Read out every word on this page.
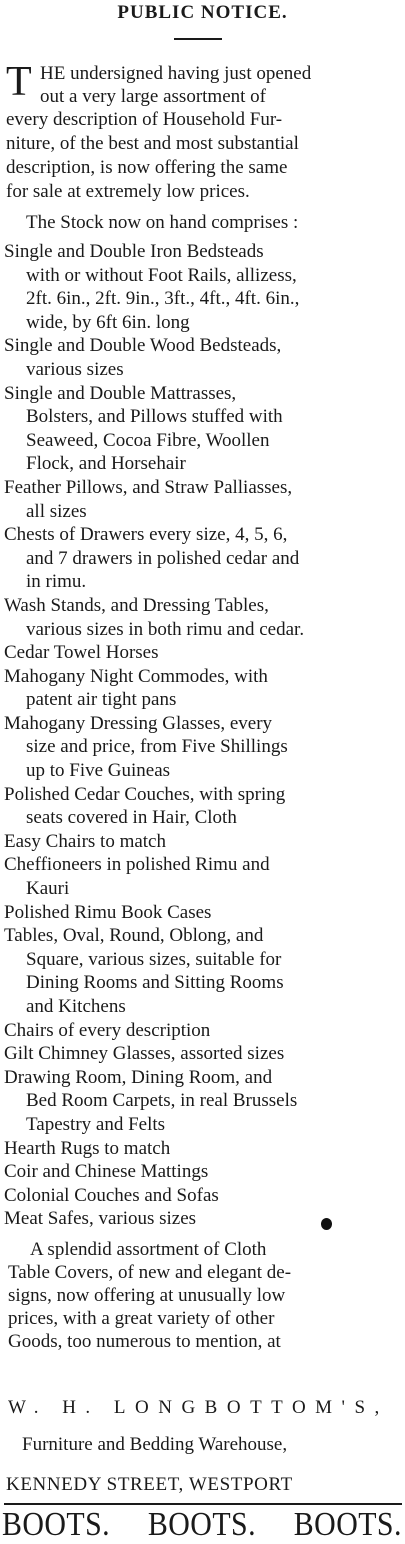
PUBLIC NOTICE.
T HE undersigned having just opened
out a very large assortment of
every description of Household Fur-
niture, of the best and most substantial
description, is now offering the same
for sale at extremely low prices.
The Stock now on hand comprises :
Single and Double Iron Bedsteads
with or without Foot Rails, allizess,
2ft. 6in., 2ft. 9in., 3ft., 4ft., 4ft. 6in.,
wide, by 6ft 6in. long
Single and Double Wood Bedsteads,
various sizes
Single and Double Mattrasses,
Bolsters, and Pillows stuffed with
Seaweed, Cocoa Fibre, Woollen
Flock, and Horsehair
Feather Pillows, and Straw Palliasses,
all sizes
Chests of Drawers every size, 4, 5, 6,
and 7 drawers in polished cedar and
in rimu.
Wash Stands, and Dressing Tables,
various sizes in both rimu and cedar.
Cedar Towel Horses
Mahogany Night Commodes, with
patent air tight pans
Mahogany Dressing Glasses, every
size and price, from Five Shillings
up to Five Guineas
Polished Cedar Couches, with spring
seats covered in Hair, Cloth
Easy Chairs to match
Cheffioneers in polished Rimu and
Kauri
Polished Rimu Book Cases
Tables, Oval, Round, Oblong, and
Square, various sizes, suitable for
Dining Rooms and Sitting Rooms
and Kitchens
Chairs of every description
Gilt Chimney Glasses, assorted sizes
Drawing Room, Dining Room, and
Bed Room Carpets, in real Brussels
Tapestry and Felts
Hearth Rugs to match
Coir and Chinese Mattings
Colonial Couches and Sofas
Meat Safes, various sizes
A splendid assortment of Cloth
Table Covers, of new and elegant de-
signs, now offering at unusually low
prices, with a great variety of other
Goods, too numerous to mention, at
W. H. LONGBOTTOM'S,
Furniture and Bedding Warehouse,
KENNEDY STREET, WESTPORT
BOOTS. BOOTS. BOOTS.
